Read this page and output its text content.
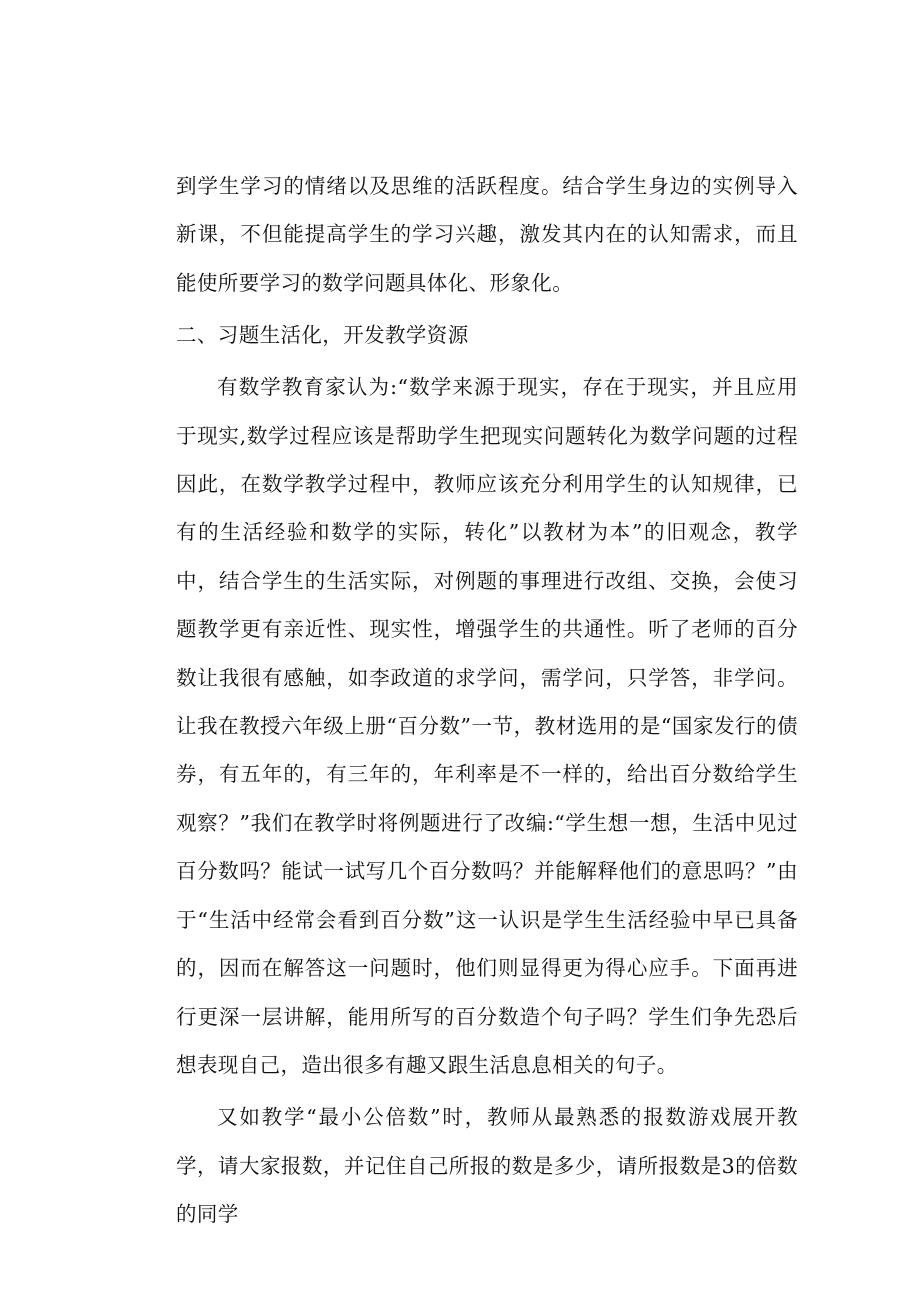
到学生学习的情绪以及思维的活跃程度。结合学生身边的实例导入新课，不但能提高学生的学习兴趣，激发其内在的认知需求，而且能使所要学习的数学问题具体化、形象化。

二、习题生活化，开发教学资源

有数学教育家认为:“数学来源于现实，存在于现实，并且应用于现实,数学过程应该是帮助学生把现实问题转化为数学问题的过程因此，在数学教学过程中，教师应该充分利用学生的认知规律，已有的生活经验和数学的实际，转化”以教材为本”的旧观念，教学中，结合学生的生活实际，对例题的事理进行改组、交换，会使习题教学更有亲近性、现实性，增强学生的共通性。听了老师的百分数让我很有感触，如李政道的求学问，需学问，只学答，非学问。让我在教授六年级上册“百分数”一节，教材选用的是“国家发行的债券，有五年的，有三年的，年利率是不一样的，给出百分数给学生观察？”我们在教学时将例题进行了改编:“学生想一想，生活中见过百分数吗？能试一试写几个百分数吗？并能解释他们的意思吗？”由于“生活中经常会看到百分数”这一认识是学生生活经验中早已具备的，因而在解答这一问题时，他们则显得更为得心应手。下面再进行更深一层讲解，能用所写的百分数造个句子吗？学生们争先恐后想表现自己，造出很多有趣又跟生活息息相关的句子。

又如教学“最小公倍数”时，教师从最熟悉的报数游戏展开教学，请大家报数，并记住自己所报的数是多少，请所报数是3的倍数的同学
